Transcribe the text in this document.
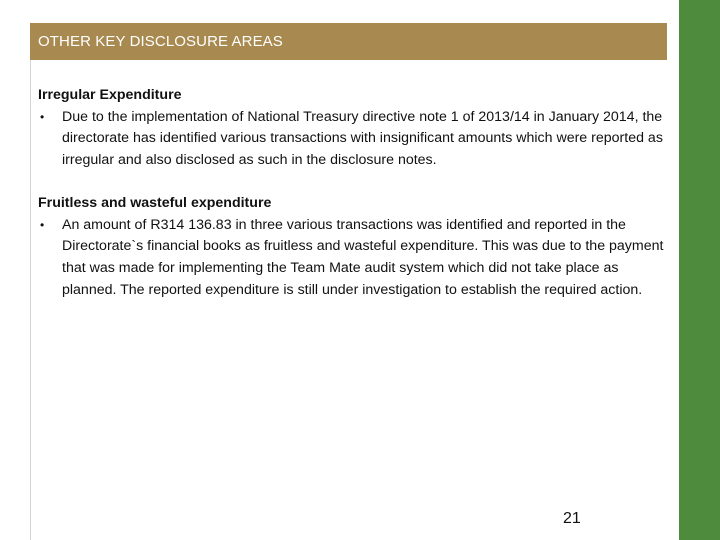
OTHER KEY DISCLOSURE AREAS

Irregular Expenditure

• Due to the implementation of National Treasury directive note 1 of 2013/14 in January 2014, the directorate has identified various transactions with insignificant amounts which were reported as irregular and also disclosed as such in the disclosure notes.

Fruitless and wasteful expenditure

• An amount of R314 136.83 in three various transactions was identified and reported in the Directorate`s financial books as fruitless and wasteful expenditure. This was due to the payment that was made for implementing the Team Mate audit system which did not take place as planned. The reported expenditure is still under investigation to establish the required action.
21
